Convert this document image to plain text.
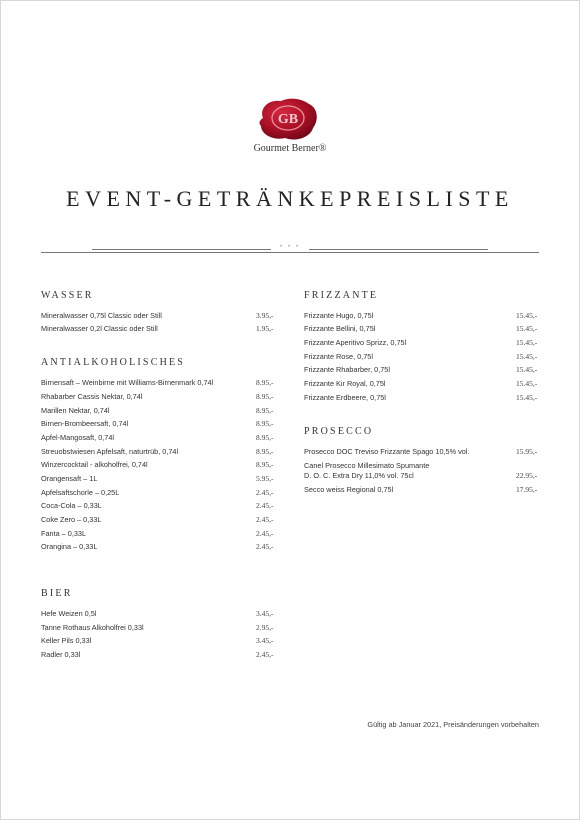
GB
Gourmet Berner®
EVENT-GETRÄNKEPREISLISTE
* * *
WASSER
Mineralwasser 0,75l Classic oder Still	3.95,-
Mineralwasser 0,2l Classic oder Still	1.95,-
ANTIALKOHOLISCHES
Birnensaft – Weinbirne mit Williams-Birnenmark 0,74l	8.95,-
Rhabarber Cassis Nektar, 0,74l	8.95,-
Marillen Nektar, 0,74l	8.95,-
Birnen-Brombeersaft, 0,74l	8.95,-
Apfel-Mangosaft, 0,74l	8.95,-
Streuobstwiesen Apfelsaft, naturtrüb, 0,74l	8.95,-
Winzercocktail - alkoholfrei, 0,74l	8.95,-
Orangensaft – 1L	5.95,-
Apfelsaftschorle – 0,25L	2.45,-
Coca-Cola – 0,33L	2.45,-
Coke Zero – 0,33L	2.45,-
Fanta – 0,33L	2.45,-
Orangina – 0,33L	2.45,-
BIER
Hefe Weizen 0,5l	3.45,-
Tanne Rothaus Alkoholfrei 0,33l	2.95,-
Keller Pils 0,33l	3.45,-
Radler 0,33l	2.45,-
FRIZZANTE
Frizzante Hugo, 0,75l	15.45,-
Frizzante Bellini, 0,75l	15.45,-
Frizzante Aperitivo Sprizz, 0,75l	15.45,-
Frizzante Rose, 0,75l	15.45,-
Frizzante Rhabarber, 0,75l	15.45,-
Frizzante Kir Royal, 0,75l	15.45,-
Frizzante Erdbeere, 0,75l	15.45,-
PROSECCO
Prosecco DOC Treviso Frizzante Spago 10,5% vol.	15.95,-
Canel Prosecco Millesimato Spumante
D. O. C. Extra Dry 11,0% vol. 75cl	22.95,-
Secco weiss Regional 0,75l	17.95,-
Gültig ab Januar 2021, Preisänderungen vorbehalten
